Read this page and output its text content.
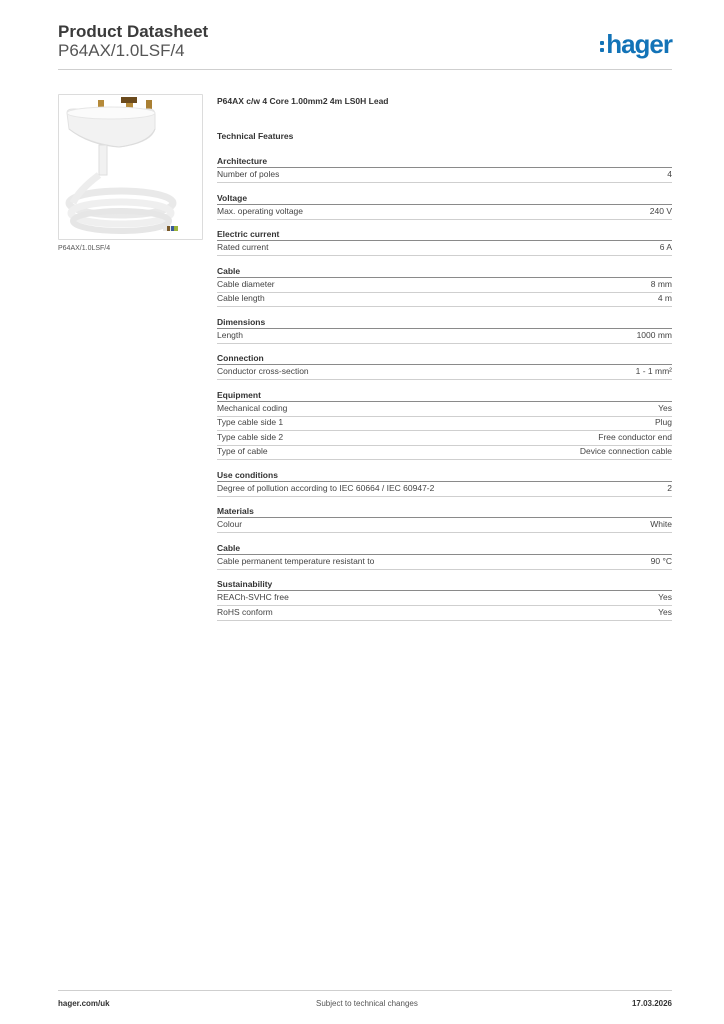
Product Datasheet
P64AX/1.0LSF/4	hager
P64AX/1.0LSF/4
P64AX c/w 4 Core 1.00mm2 4m LS0H Lead
Technical Features
Architecture
Number of poles	4
Voltage
Max. operating voltage	240 V
Electric current
Rated current	6 A
Cable
Cable diameter	8 mm
Cable length	4 m
Dimensions
Length	1000 mm
Connection
Conductor cross-section	1 - 1 mm²
Equipment
Mechanical coding	Yes
Type cable side 1	Plug
Type cable side 2	Free conductor end
Type of cable	Device connection cable
Use conditions
Degree of pollution according to IEC 60664 / IEC 60947-2	2
Materials
Colour	White
Cable
Cable permanent temperature resistant to	90 °C
Sustainability
REACh-SVHC free	Yes
RoHS conform	Yes
hager.com/uk	Subject to technical changes	17.03.2026
